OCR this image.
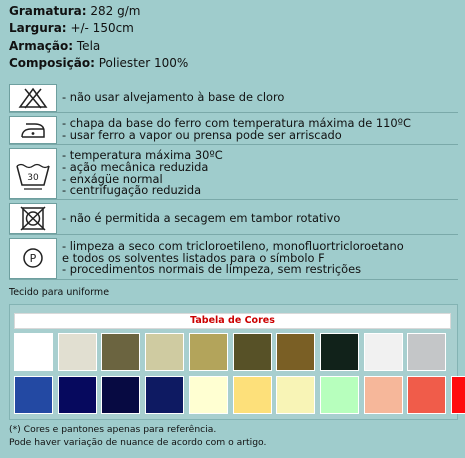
Gramatura: 282 g/m
Largura: +/- 150cm
Armação: Tela
Composição: Poliester 100%
- não usar alvejamento à base de cloro
- chapa da base do ferro com temperatura máxima de 110ºC
- usar ferro a vapor ou prensa pode ser arriscado
30
- temperatura máxima 30ºC
- ação mecânica reduzida
- enxágüe normal
- centrifugação reduzida
- não é permitida a secagem em tambor rotativo
P
- limpeza a seco com tricloroetileno, monofluortricloroetano
e todos os solventes listados para o símbolo F
- procedimentos normais de limpeza, sem restrições
Tecido para uniforme
Tabela de Cores
(*) Cores e pantones apenas para referência.
Pode haver variação de nuance de acordo com o artigo.
